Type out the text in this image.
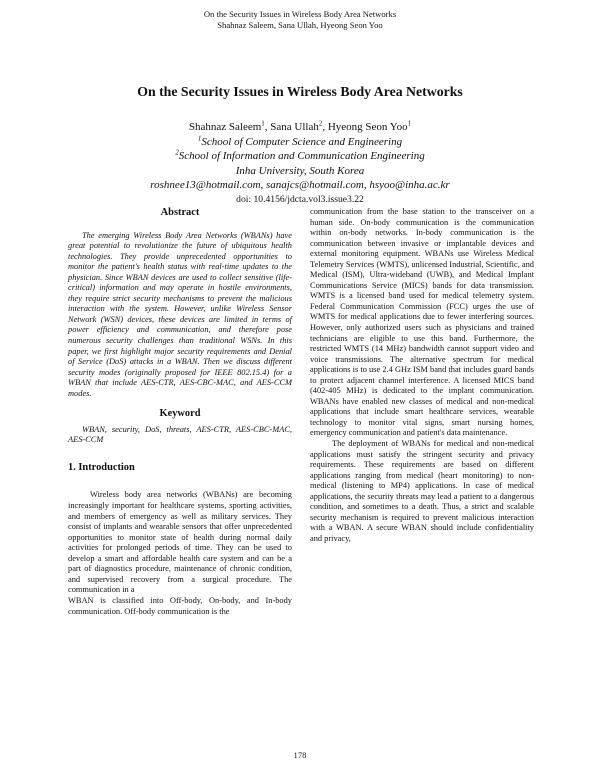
On the Security Issues in Wireless Body Area Networks
Shahnaz Saleem, Sana Ullah, Hyeong Seon Yoo
On the Security Issues in Wireless Body Area Networks
Shahnaz Saleem$^1$, Sana Ullah$^2$, Hyeong Seon Yoo$^1$
$^1$School of Computer Science and Engineering
$^2$School of Information and Communication Engineering
Inha University, South Korea
roshnee13@hotmail.com, sanajcs@hotmail.com, hsyoo@inha.ac.kr
doi: 10.4156/jdcta.vol3.issue3.22
Abstract

The emerging Wireless Body Area Networks (WBANs) have great potential to revolutionize the future of ubiquitous health technologies. They provide unprecedented opportunities to monitor the patient's health status with real-time updates to the physician. Since WBAN devices are used to collect sensitive (life-critical) information and may operate in hostile environments, they require strict security mechanisms to prevent the malicious interaction with the system. However, unlike Wireless Sensor Network (WSN) devices, these devices are limited in terms of power efficiency and communication, and therefore pose numerous security challenges than traditional WSNs. In this paper, we first highlight major security requirements and Denial of Service (DoS) attacks in a WBAN. Then we discuss different security modes (originally proposed for IEEE 802.15.4) for a WBAN that include AES-CTR, AES-CBC-MAC, and AES-CCM modes.

Keyword

WBAN, security, DoS, threats, AES-CTR, AES-CBC-MAC, AES-CCM

1. Introduction

Wireless body area networks (WBANs) are becoming increasingly important for healthcare systems, sporting activities, and members of emergency as well as military services. They consist of implants and wearable sensors that offer unprecedented opportunities to monitor state of health during normal daily activities for prolonged periods of time. They can be used to develop a smart and affordable health care system and can be a part of diagnostics procedure, maintenance of chronic condition, and supervised recovery from a surgical procedure. The communication in a

WBAN is classified into Off-body, On-body, and In-body communication. Off-body communication is the

communication from the base station to the transceiver on a human side. On-body communication is the communication within on-body networks. In-body communication is the communication between invasive or implantable devices and external monitoring equipment. WBANs use Wireless Medical Telemetry Services (WMTS), unlicensed Industrial, Scientific, and Medical (ISM), Ultra-wideband (UWB), and Medical Implant Communications Service (MICS) bands for data transmission. WMTS is a licensed band used for medical telemetry system. Federal Communication Commission (FCC) urges the use of WMTS for medical applications due to fewer interfering sources. However, only authorized users such as physicians and trained technicians are eligible to use this band. Furthermore, the restricted WMTS (14 MHz) bandwidth cannot support video and voice transmissions. The alternative spectrum for medical applications is to use 2.4 GHz ISM band that includes guard bands to protect adjacent channel interference. A licensed MICS band (402-405 MHz) is dedicated to the implant communication. WBANs have enabled new classes of medical and non-medical applications that include smart healthcare services, wearable technology to monitor vital signs, smart nursing homes, emergency communication and patient's data maintenance.

The deployment of WBANs for medical and non-medical applications must satisfy the stringent security and privacy requirements. These requirements are based on different applications ranging from medical (heart monitoring) to non-medical (listening to MP4) applications. In case of medical applications, the security threats may lead a patient to a dangerous condition, and sometimes to a death. Thus, a strict and scalable security mechanism is required to prevent malicious interaction with a WBAN. A secure WBAN should include confidentiality and privacy,

178
